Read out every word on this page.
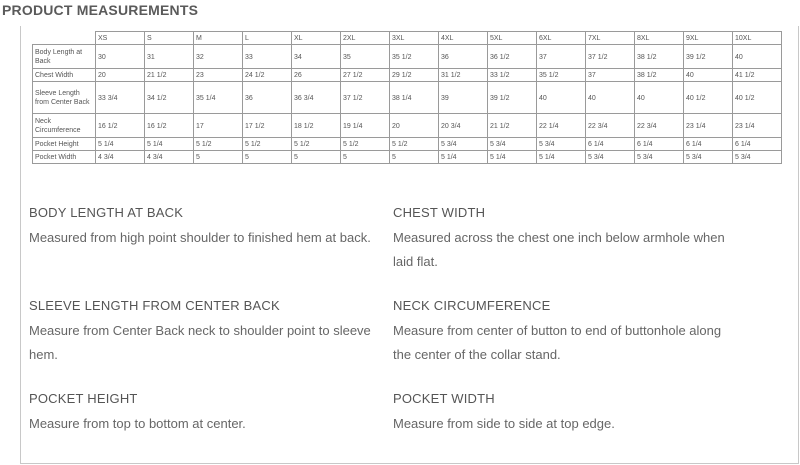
PRODUCT MEASUREMENTS
	XS	S	M	L	XL	2XL	3XL	4XL	5XL	6XL	7XL	8XL	9XL	10XL
Body Length at Back	30	31	32	33	34	35	35 1/2	36	36 1/2	37	37 1/2	38 1/2	39 1/2	40
Chest Width	20	21 1/2	23	24 1/2	26	27 1/2	29 1/2	31 1/2	33 1/2	35 1/2	37	38 1/2	40	41 1/2
Sleeve Length from Center Back	33 3/4	34 1/2	35 1/4	36	36 3/4	37 1/2	38 1/4	39	39 1/2	40	40	40	40 1/2	40 1/2
Neck Circumference	16 1/2	16 1/2	17	17 1/2	18 1/2	19 1/4	20	20 3/4	21 1/2	22 1/4	22 3/4	22 3/4	23 1/4	23 1/4
Pocket Height	5 1/4	5 1/4	5 1/2	5 1/2	5 1/2	5 1/2	5 1/2	5 3/4	5 3/4	5 3/4	6 1/4	6 1/4	6 1/4	6 1/4
Pocket Width	4 3/4	4 3/4	5	5	5	5	5	5 1/4	5 1/4	5 1/4	5 3/4	5 3/4	5 3/4	5 3/4
BODY LENGTH AT BACK
Measured from high point shoulder to finished hem at back.
CHEST WIDTH
Measured across the chest one inch below armhole when laid flat.
SLEEVE LENGTH FROM CENTER BACK
Measure from Center Back neck to shoulder point to sleeve hem.
NECK CIRCUMFERENCE
Measure from center of button to end of buttonhole along the center of the collar stand.
POCKET HEIGHT
Measure from top to bottom at center.
POCKET WIDTH
Measure from side to side at top edge.
